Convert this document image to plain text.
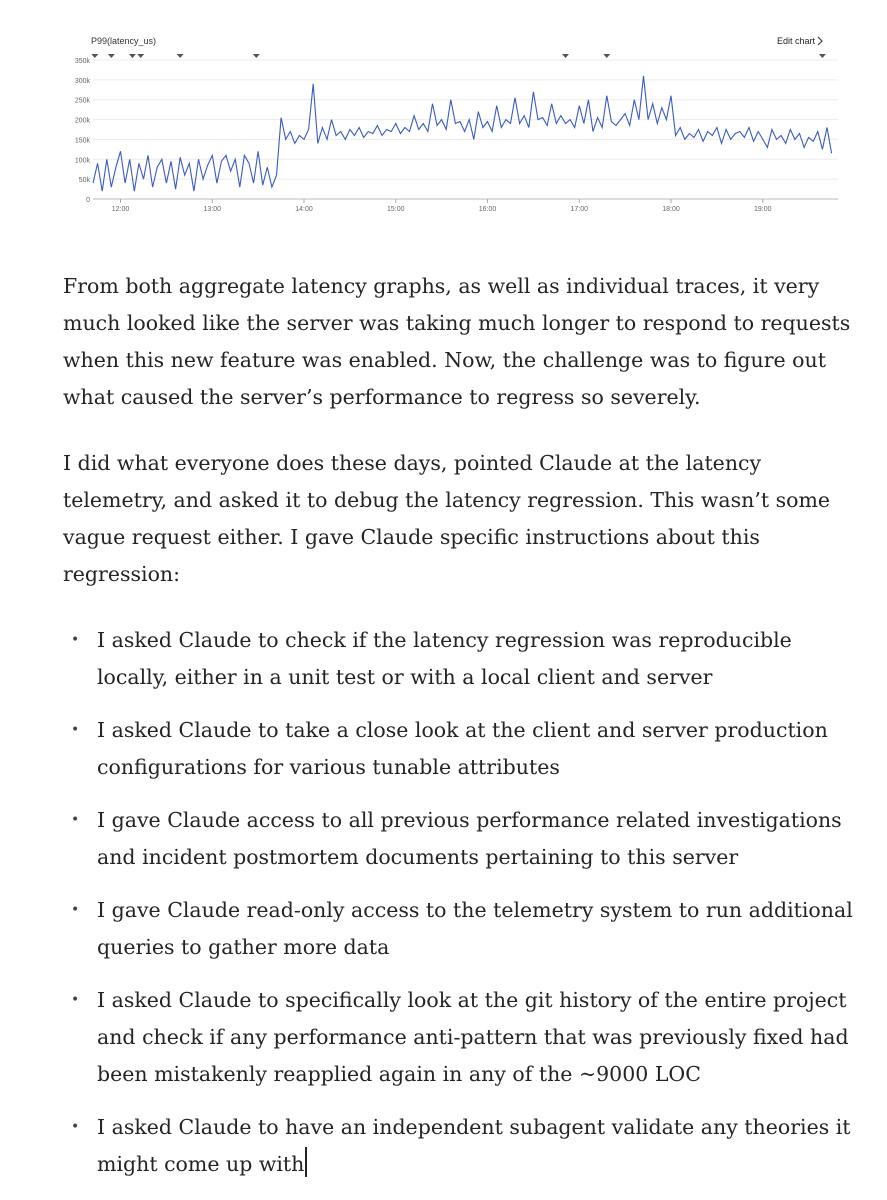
P99(latency_us)	Edit chart
0
50k
100k
150k
200k
250k
300k
350k
12:00	13:00	14:00	15:00	16:00	17:00	18:00	19:00

From both aggregate latency graphs, as well as individual traces, it very much looked like the server was taking much longer to respond to requests when this new feature was enabled. Now, the challenge was to figure out what caused the server’s performance to regress so severely.

I did what everyone does these days, pointed Claude at the latency telemetry, and asked it to debug the latency regression. This wasn’t some vague request either. I gave Claude specific instructions about this regression:

• I asked Claude to check if the latency regression was reproducible locally, either in a unit test or with a local client and server
• I asked Claude to take a close look at the client and server production configurations for various tunable attributes
• I gave Claude access to all previous performance related investigations and incident postmortem documents pertaining to this server
• I gave Claude read-only access to the telemetry system to run additional queries to gather more data
• I asked Claude to specifically look at the git history of the entire project and check if any performance anti-pattern that was previously fixed had been mistakenly reapplied again in any of the ~9000 LOC
• I asked Claude to have an independent subagent validate any theories it might come up with
